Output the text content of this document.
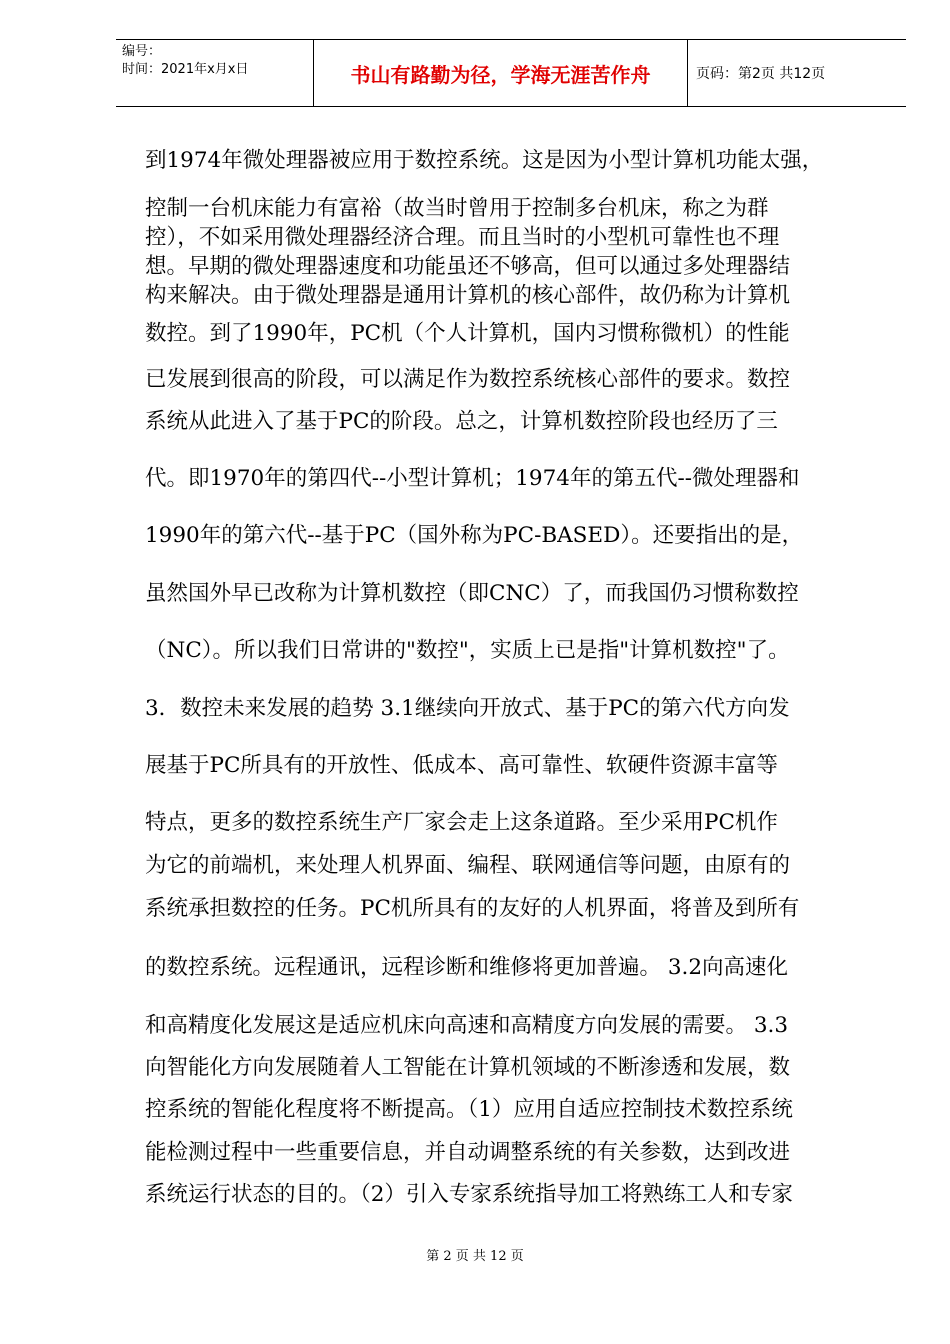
编号：
时间：2021年x月x日	书山有路勤为径，学海无涯苦作舟	页码：第2页 共12页
到1974年微处理器被应用于数控系统。这是因为小型计算机功能太强，
控制一台机床能力有富裕（故当时曾用于控制多台机床，称之为群
控），不如采用微处理器经济合理。而且当时的小型机可靠性也不理
想。早期的微处理器速度和功能虽还不够高，但可以通过多处理器结
构来解决。由于微处理器是通用计算机的核心部件，故仍称为计算机
数控。到了1990年，PC机（个人计算机，国内习惯称微机）的性能
已发展到很高的阶段，可以满足作为数控系统核心部件的要求。数控
系统从此进入了基于PC的阶段。总之，计算机数控阶段也经历了三
代。即1970年的第四代--小型计算机；1974年的第五代--微处理器和
1990年的第六代--基于PC（国外称为PC-BASED）。还要指出的是，
虽然国外早已改称为计算机数控（即CNC）了，而我国仍习惯称数控
（NC）。所以我们日常讲的"数控"，实质上已是指"计算机数控"了。
3．数控未来发展的趋势 3.1继续向开放式、基于PC的第六代方向发
展基于PC所具有的开放性、低成本、高可靠性、软硬件资源丰富等
特点，更多的数控系统生产厂家会走上这条道路。至少采用PC机作
为它的前端机，来处理人机界面、编程、联网通信等问题，由原有的
系统承担数控的任务。PC机所具有的友好的人机界面，将普及到所有
的数控系统。远程通讯，远程诊断和维修将更加普遍。 3.2向高速化
和高精度化发展这是适应机床向高速和高精度方向发展的需要。 3.3
向智能化方向发展随着人工智能在计算机领域的不断渗透和发展，数
控系统的智能化程度将不断提高。（1）应用自适应控制技术数控系统
能检测过程中一些重要信息，并自动调整系统的有关参数，达到改进
系统运行状态的目的。（2）引入专家系统指导加工将熟练工人和专家
第 2 页 共 12 页
